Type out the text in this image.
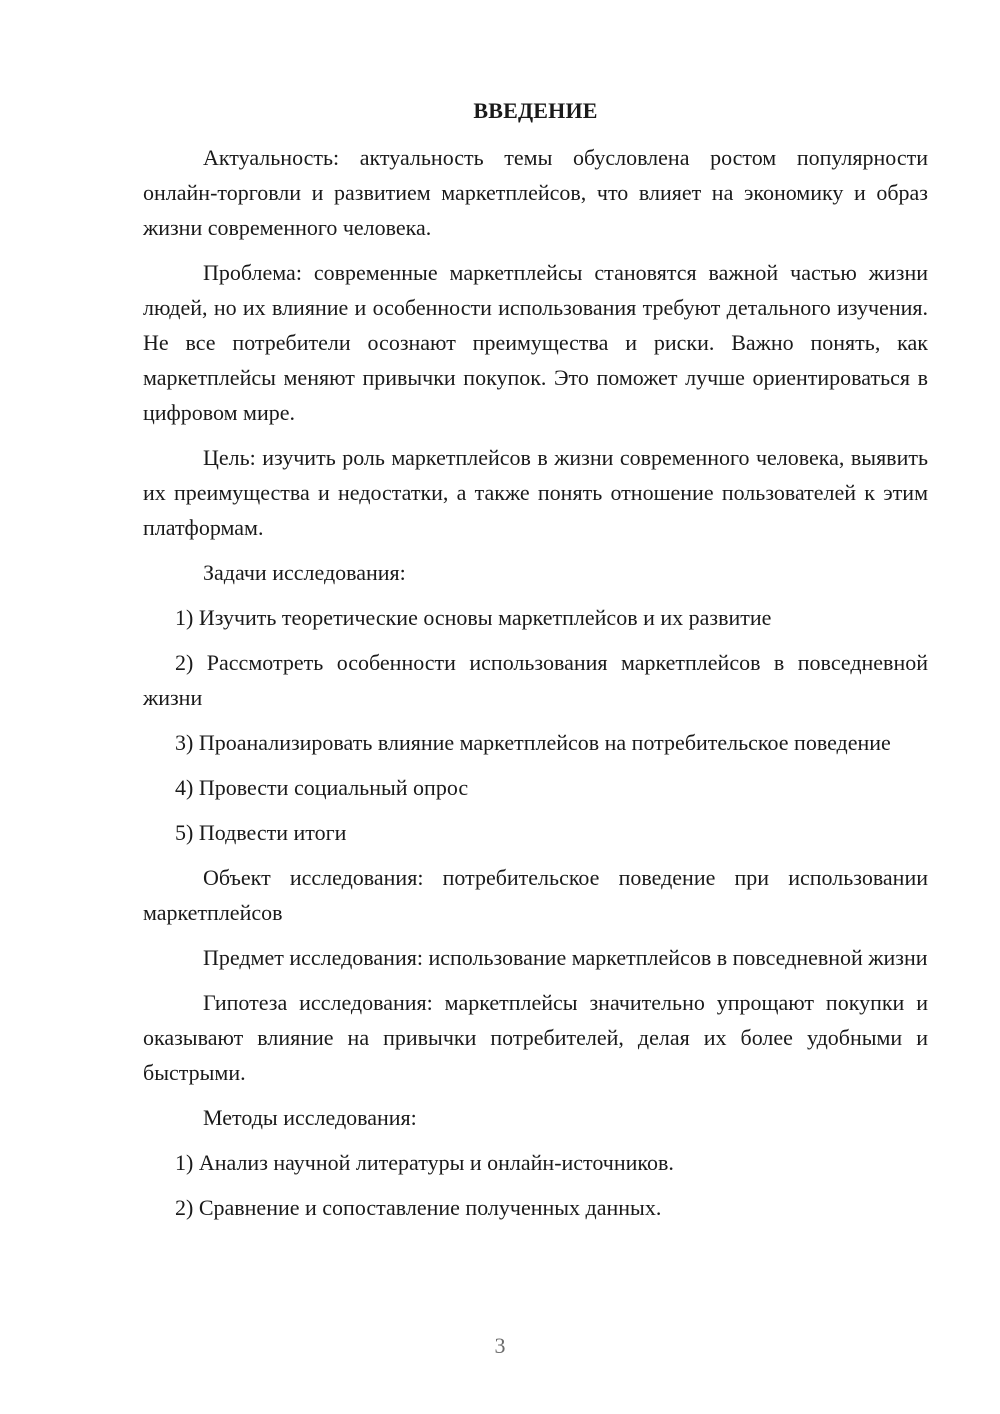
ВВЕДЕНИЕ

Актуальность: актуальность темы обусловлена ростом популярности онлайн-торговли и развитием маркетплейсов, что влияет на экономику и образ жизни современного человека.

Проблема: современные маркетплейсы становятся важной частью жизни людей, но их влияние и особенности использования требуют детального изучения. Не все потребители осознают преимущества и риски. Важно понять, как маркетплейсы меняют привычки покупок. Это поможет лучше ориентироваться в цифровом мире.

Цель: изучить роль маркетплейсов в жизни современного человека, выявить их преимущества и недостатки, а также понять отношение пользователей к этим платформам.

Задачи исследования:

1) Изучить теоретические основы маркетплейсов и их развитие

2) Рассмотреть особенности использования маркетплейсов в повседневной жизни

3) Проанализировать влияние маркетплейсов на потребительское поведение

4) Провести социальный опрос

5) Подвести итоги

Объект исследования: потребительское поведение при использовании маркетплейсов

Предмет исследования: использование маркетплейсов в повседневной жизни

Гипотеза исследования: маркетплейсы значительно упрощают покупки и оказывают влияние на привычки потребителей, делая их более удобными и быстрыми.

Методы исследования:

1) Анализ научной литературы и онлайн-источников.

2) Сравнение и сопоставление полученных данных.

3
